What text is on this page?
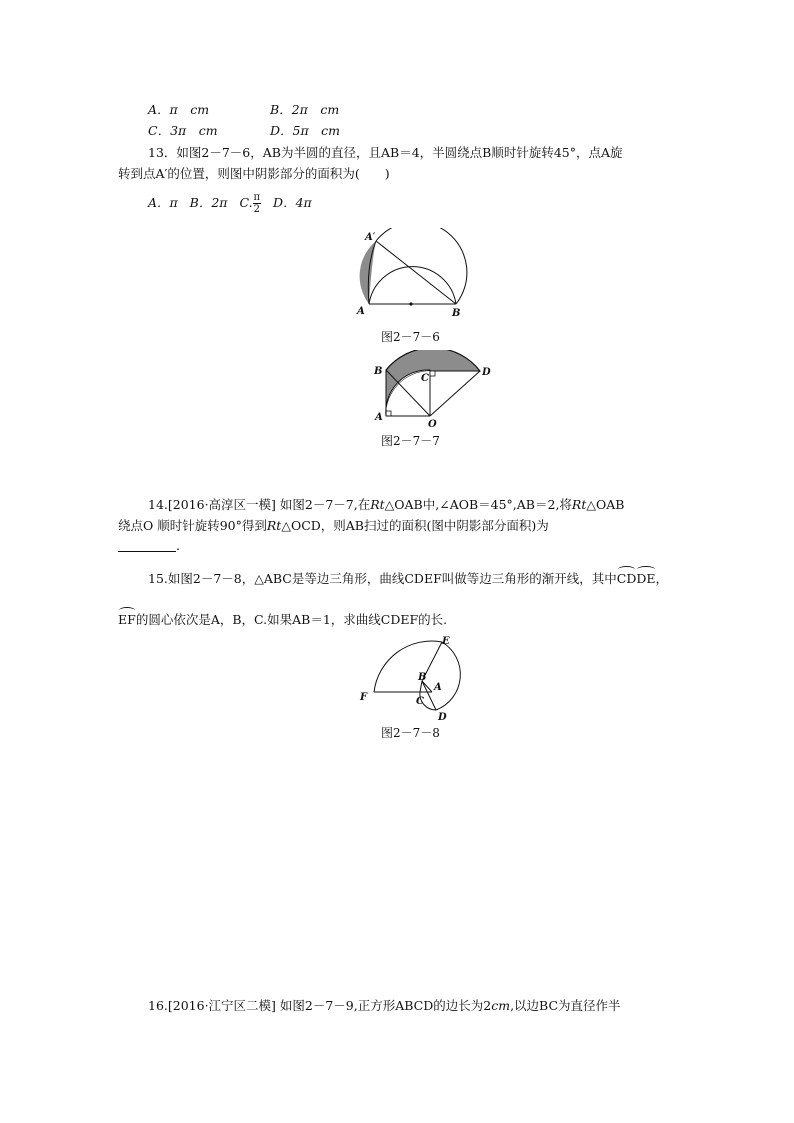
A．π　cm	B．2π　cm
C．3π　cm	D．5π　cm
13．如图2－7－6，AB为半圆的直径，且AB＝4，半圆绕点B顺时针旋转45°，点A旋
转到点A′的位置，则图中阴影部分的面积为(　　)
A．π B．2π C. $\frac{\pi}{2}$ D．4π
A
A′
B
图2－7－6
B
C
D
A
O
图2－7－7
14.[2016·高淳区一模] 如图2－7－7,在Rt△OAB中,∠AOB＝45°,AB＝2,将Rt△OAB
绕点O 顺时针旋转90°得到Rt△OCD，则AB扫过的面积(图中阴影部分面积)为
.
15.如图2－7－8，△ABC是等边三角形，曲线CDEF叫做等边三角形的渐开线，其中CDDE，
EF的圆心依次是A，B，C.如果AB＝1，求曲线CDEF的长.
E
B
A
F	C
D
图2－7－8
16.[2016·江宁区二模] 如图2－7－9,正方形ABCD的边长为2cm,以边BC为直径作半
